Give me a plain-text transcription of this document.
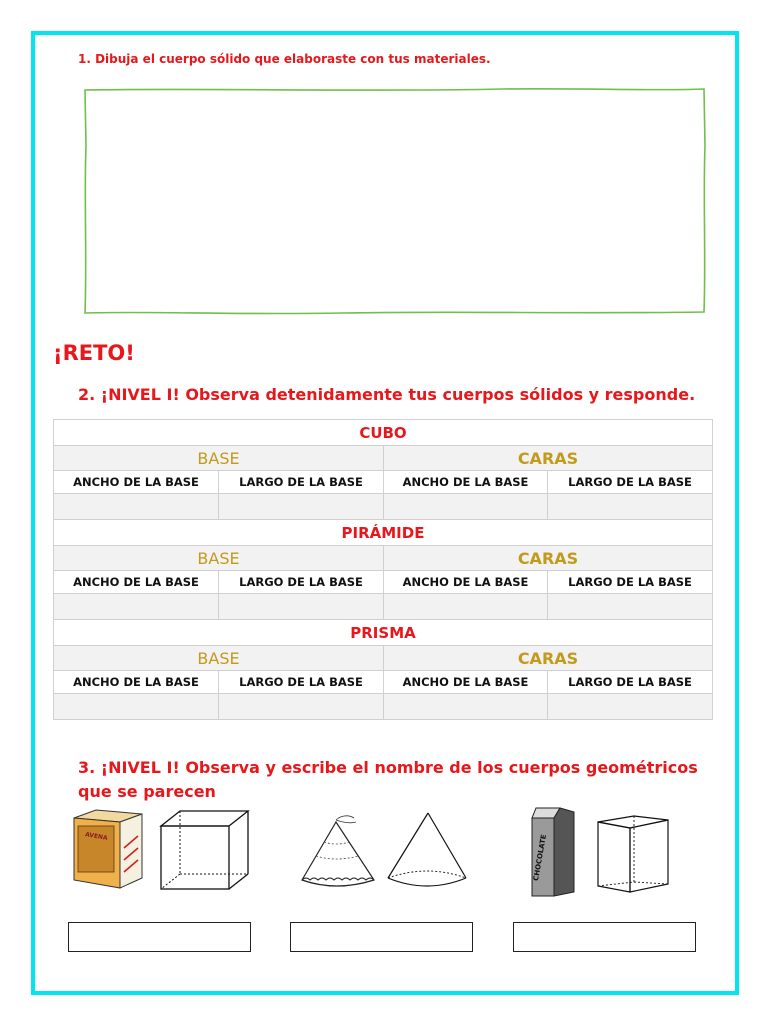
1. Dibuja el cuerpo sólido que elaboraste con tus materiales.

¡RETO!

2. ¡NIVEL I! Observa detenidamente tus cuerpos sólidos y responde.

CUBO			
BASE		CARAS	
ANCHO DE LA BASE	LARGO DE LA BASE	ANCHO DE LA BASE	LARGO DE LA BASE

PIRÁMIDE			
BASE		CARAS	
ANCHO DE LA BASE	LARGO DE LA BASE	ANCHO DE LA BASE	LARGO DE LA BASE

PRISMA			
BASE		CARAS	
ANCHO DE LA BASE	LARGO DE LA BASE	ANCHO DE LA BASE	LARGO DE LA BASE

3. ¡NIVEL I! Observa y escribe el nombre de los cuerpos geométricos que se parecen

AVENA	CHOCOLATE
